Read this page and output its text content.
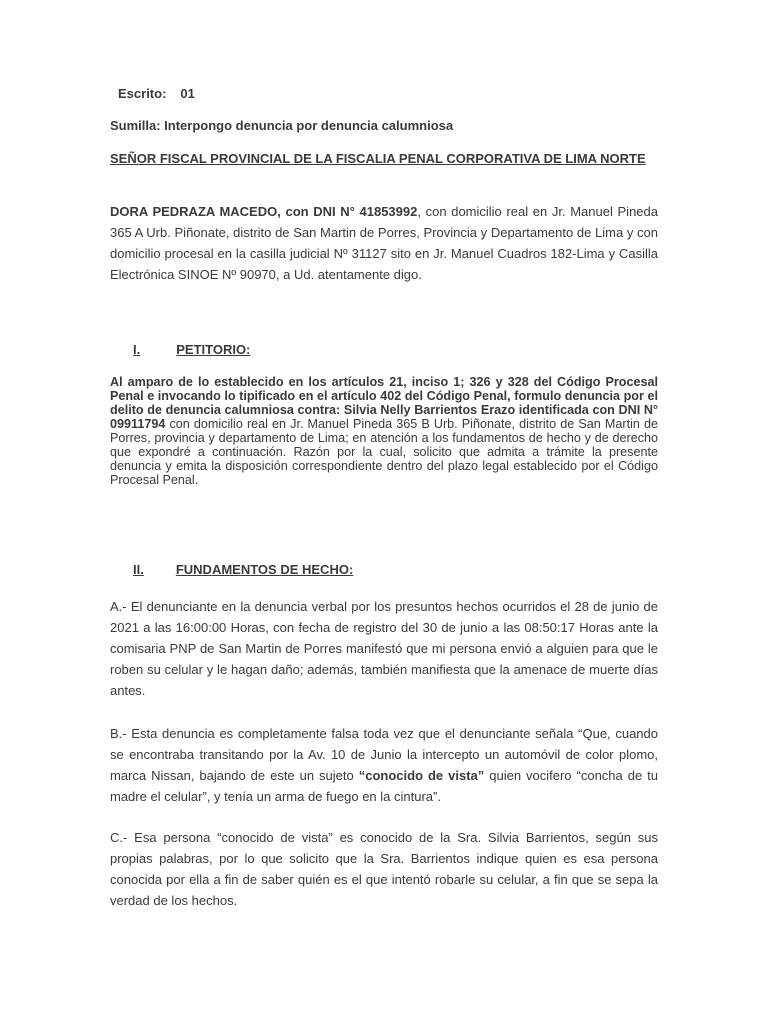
Escrito: 01
Sumilla: Interpongo denuncia por denuncia calumniosa
SEÑOR FISCAL PROVINCIAL DE LA FISCALIA PENAL CORPORATIVA DE LIMA NORTE
DORA PEDRAZA MACEDO, con DNI N° 41853992, con domicilio real en Jr. Manuel Pineda 365 A Urb. Piñonate, distrito de San Martin de Porres, Provincia y Departamento de Lima y con domicilio procesal en la casilla judicial Nº 31127 sito en Jr. Manuel Cuadros 182-Lima y Casilla Electrónica SINOE Nº 90970, a Ud. atentamente digo.
I.	PETITORIO:
Al amparo de lo establecido en los artículos 21, inciso 1; 326 y 328 del Código Procesal Penal e invocando lo tipificado en el artículo 402 del Código Penal, formulo denuncia por el delito de denuncia calumniosa contra: Silvia Nelly Barrientos Erazo identificada con DNI N° 09911794 con domicilio real en Jr. Manuel Pineda 365 B Urb. Piñonate, distrito de San Martin de Porres, provincia y departamento de Lima; en atención a los fundamentos de hecho y de derecho que expondré a continuación. Razón por la cual, solicito que admita a trámite la presente denuncia y emita la disposición correspondiente dentro del plazo legal establecido por el Código Procesal Penal.
II. FUNDAMENTOS DE HECHO:
A.- El denunciante en la denuncia verbal por los presuntos hechos ocurridos el 28 de junio de 2021 a las 16:00:00 Horas, con fecha de registro del 30 de junio a las 08:50:17 Horas ante la comisaria PNP de San Martin de Porres manifestó que mi persona envió a alguien para que le roben su celular y le hagan daño; además, también manifiesta que la amenace de muerte días antes.
B.- Esta denuncia es completamente falsa toda vez que el denunciante señala “Que, cuando se encontraba transitando por la Av. 10 de Junio la intercepto un automóvil de color plomo, marca Nissan, bajando de este un sujeto “conocido de vista” quien vocifero “concha de tu madre el celular”, y tenía un arma de fuego en la cintura”.
C.- Esa persona “conocido de vista” es conocido de la Sra. Silvia Barrientos, según sus propias palabras, por lo que solicito que la Sra. Barrientos indique quien es esa persona conocida por ella a fin de saber quién es el que intentó robarle su celular, a fin que se sepa la verdad de los hechos.
